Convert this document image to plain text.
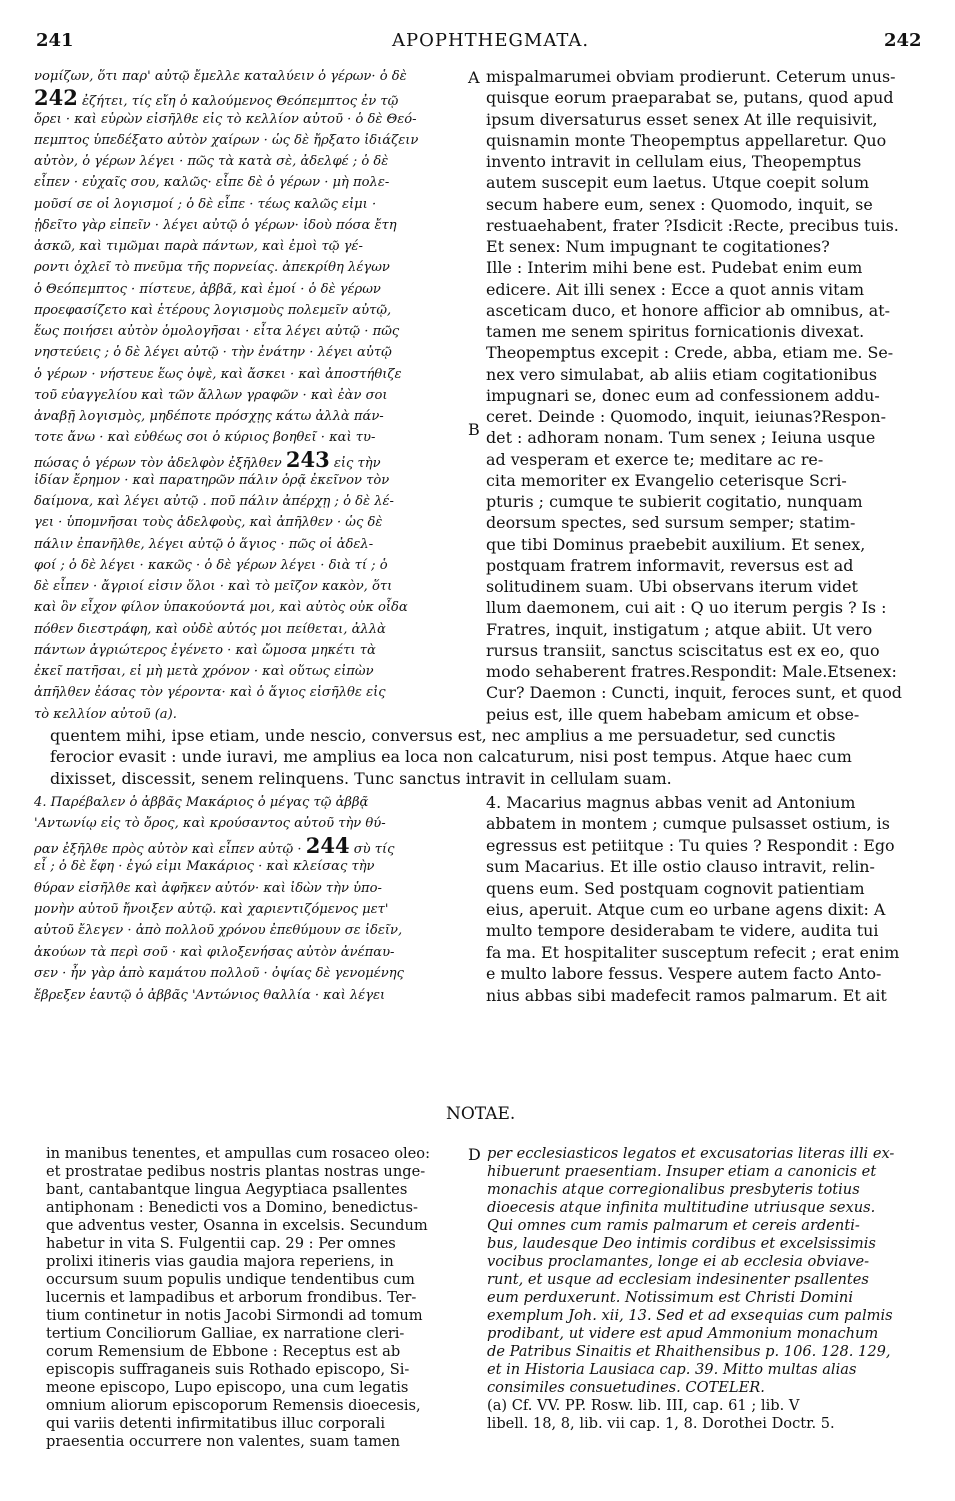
241	APOPHTHEGMATA.	242
A
B
D
νομίζων, ὅτι παρ' αὐτῷ ἔμελλε καταλύειν ὁ γέρων· ὁ δὲ
242 ἐζήτει, τίς εἴη ὁ καλούμενος Θεόπεμπτος ἐν τῷ
ὄρει · καὶ εὑρὼν εἰσῆλθε εἰς τὸ κελλίον αὐτοῦ · ὁ δὲ Θεό-
πεμπτος ὑπεδέξατο αὐτὸν χαίρων · ὡς δὲ ἤρξατο ἰδιάζειν
αὐτὸν, ὁ γέρων λέγει · πῶς τὰ κατὰ σὲ, ἀδελφέ ; ὁ δὲ
εἶπεν · εὐχαῖς σου, καλῶς· εἶπε δὲ ὁ γέρων · μὴ πολε-
μοῦσί σε οἱ λογισμοί ; ὁ δὲ εἶπε · τέως καλῶς εἰμι ·
ᾐδεῖτο γὰρ εἰπεῖν · λέγει αὐτῷ ὁ γέρων· ἰδοὺ πόσα ἔτη
ἀσκῶ, καὶ τιμῶμαι παρὰ πάντων, καὶ ἐμοὶ τῷ γέ-
ροντι ὀχλεῖ τὸ πνεῦμα τῆς πορνείας. ἀπεκρίθη λέγων
ὁ Θεόπεμπτος · πίστευε, ἀββᾶ, καὶ ἐμοί · ὁ δὲ γέρων
προεφασίζετο καὶ ἑτέρους λογισμοὺς πολεμεῖν αὐτῷ,
ἕως ποιήσει αὐτὸν ὁμολογῆσαι · εἶτα λέγει αὐτῷ · πῶς
νηστεύεις ; ὁ δὲ λέγει αὐτῷ · τὴν ἐνάτην · λέγει αὐτῷ
ὁ γέρων · νήστευε ἕως ὀψὲ, καὶ ἄσκει · καὶ ἀποστήθιζε
τοῦ εὐαγγελίου καὶ τῶν ἄλλων γραφῶν · καὶ ἐὰν σοι
ἀναβῇ λογισμὸς, μηδέποτε πρόσχῃς κάτω ἀλλὰ πάν-
τοτε ἄνω · καὶ εὐθέως σοι ὁ κύριος βοηθεῖ · καὶ τυ-
πώσας ὁ γέρων τὸν ἀδελφὸν ἐξῆλθεν 243 εἰς τὴν
ἰδίαν ἔρημον · καὶ παρατηρῶν πάλιν ὁρᾷ ἐκεῖνον τὸν
δαίμονα, καὶ λέγει αὐτῷ . ποῦ πάλιν ἀπέρχῃ ; ὁ δὲ λέ-
γει · ὑπομνῆσαι τοὺς ἀδελφοὺς, καὶ ἀπῆλθεν · ὡς δὲ
πάλιν ἐπανῆλθε, λέγει αὐτῷ ὁ ἅγιος · πῶς οἱ ἀδελ-
φοί ; ὁ δὲ λέγει · κακῶς · ὁ δὲ γέρων λέγει · διὰ τί ; ὁ
δὲ εἶπεν · ἄγριοί εἰσιν ὅλοι · καὶ τὸ μεῖζον κακὸν, ὅτι
καὶ ὃν εἶχον φίλον ὑπακούοντά μοι, καὶ αὐτὸς οὐκ οἶδα
πόθεν διεστράφη, καὶ οὐδὲ αὐτός μοι πείθεται, ἀλλὰ
πάντων ἀγριώτερος ἐγένετο · καὶ ὤμοσα μηκέτι τὰ
ἐκεῖ πατῆσαι, εἰ μὴ μετὰ χρόνον · καὶ οὕτως εἰπὼν
ἀπῆλθεν ἐάσας τὸν γέροντα· καὶ ὁ ἅγιος εἰσῆλθε εἰς
τὸ κελλίον αὐτοῦ (a).
mispalmarumei obviam prodierunt. Ceterum unus-
quisque eorum praeparabat se, putans, quod apud
ipsum diversaturus esset senex At ille requisivit,
quisnamin monte Theopemptus appellaretur. Quo
invento intravit in cellulam eius, Theopemptus
autem suscepit eum laetus. Utque coepit solum
secum habere eum, senex : Quomodo, inquit, se
restuaehabent, frater ?Isdicit :Recte, precibus tuis.
Et senex: Num impugnant te cogitationes?
Ille : Interim mihi bene est. Pudebat enim eum
edicere. Ait illi senex : Ecce a quot annis vitam
asceticam duco, et honore afficior ab omnibus, at-
tamen me senem spiritus fornicationis divexat.
Theopemptus excepit : Crede, abba, etiam me. Se-
nex vero simulabat, ab aliis etiam cogitationibus
impugnari se, donec eum ad confessionem addu-
ceret. Deinde : Quomodo, inquit, ieiunas?Respon-
det : adhoram nonam. Tum senex ; Ieiuna usque
ad vesperam et exerce te; meditare ac re-
cita memoriter ex Evangelio ceterisque Scri-
pturis ; cumque te subierit cogitatio, nunquam
deorsum spectes, sed sursum semper; statim-
que tibi Dominus praebebit auxilium. Et senex,
postquam fratrem informavit, reversus est ad
solitudinem suam. Ubi observans iterum videt
llum daemonem, cui ait : Q uo iterum pergis ? Is :
Fratres, inquit, instigatum ; atque abiit. Ut vero
rursus transiit, sanctus sciscitatus est ex eo, quo
modo sehaberent fratres.Respondit: Male.Etsenex:
Cur? Daemon : Cuncti, inquit, feroces sunt, et quod
peius est, ille quem habebam amicum et obse-
quentem mihi, ipse etiam, unde nescio, conversus est, nec amplius a me persuadetur, sed cunctis
ferocior evasit : unde iuravi, me amplius ea loca non calcaturum, nisi post tempus. Atque haec cum
dixisset, discessit, senem relinquens. Tunc sanctus intravit in cellulam suam.
4. Παρέβαλεν ὁ ἀββᾶς Μακάριος ὁ μέγας τῷ ἀββᾷ
'Αντωνίῳ εἰς τὸ ὄρος, καὶ κρούσαντος αὐτοῦ τὴν θύ-
ραν ἐξῆλθε πρὸς αὐτὸν καὶ εἶπεν αὐτῷ · 244 σὺ τίς
εἶ ; ὁ δὲ ἔφη · ἐγώ εἰμι Μακάριος · καὶ κλείσας τὴν
θύραν εἰσῆλθε καὶ ἀφῆκεν αὐτόν· καὶ ἰδὼν τὴν ὑπο-
μονὴν αὐτοῦ ἤνοιξεν αὐτῷ. καὶ χαριεντιζόμενος μετ'
αὐτοῦ ἔλεγεν · ἀπὸ πολλοῦ χρόνου ἐπεθύμουν σε ἰδεῖν,
ἀκούων τὰ περὶ σοῦ · καὶ φιλοξενήσας αὐτὸν ἀνέπαυ-
σεν · ἦν γὰρ ἀπὸ καμάτου πολλοῦ · ὀψίας δὲ γενομένης
ἔβρεξεν ἑαυτῷ ὁ ἀββᾶς 'Αντώνιος θαλλία · καὶ λέγει
4. Macarius magnus abbas venit ad Antonium
abbatem in montem ; cumque pulsasset ostium, is
egressus est petiitque : Tu quies ? Respondit : Ego
sum Macarius. Et ille ostio clauso intravit, relin-
quens eum. Sed postquam cognovit patientiam
eius, aperuit. Atque cum eo urbane agens dixit: A
multo tempore desiderabam te videre, audita tui
fa ma. Et hospitaliter susceptum refecit ; erat enim
e multo labore fessus. Vespere autem facto Anto-
nius abbas sibi madefecit ramos palmarum. Et ait
NOTAE.
in manibus tenentes, et ampullas cum rosaceo oleo:
et prostratae pedibus nostris plantas nostras unge-
bant, cantabantque lingua Aegyptiaca psallentes
antiphonam : Benedicti vos a Domino, benedictus-
que adventus vester, Osanna in excelsis. Secundum
habetur in vita S. Fulgentii cap. 29 : Per omnes
prolixi itineris vias gaudia majora reperiens, in
occursum suum populis undique tendentibus cum
lucernis et lampadibus et arborum frondibus. Ter-
tium continetur in notis Jacobi Sirmondi ad tomum
tertium Conciliorum Galliae, ex narratione cleri-
corum Remensium de Ebbone : Receptus est ab
episcopis suffraganeis suis Rothado episcopo, Si-
meone episcopo, Lupo episcopo, una cum legatis
omnium aliorum episcoporum Remensis dioecesis,
qui variis detenti infirmitatibus illuc corporali
praesentia occurrere non valentes, suam tamen
per ecclesiasticos legatos et excusatorias literas illi ex-
hibuerunt praesentiam. Insuper etiam a canonicis et
monachis atque corregionalibus presbyteris totius
dioecesis atque infinita multitudine utriusque sexus.
Qui omnes cum ramis palmarum et cereis ardenti-
bus, laudesque Deo intimis cordibus et excelsissimis
vocibus proclamantes, longe ei ab ecclesia obviave-
runt, et usque ad ecclesiam indesinenter psallentes
eum perduxerunt. Notissimum est Christi Domini
exemplum Joh. xii, 13. Sed et ad exsequias cum palmis
prodibant, ut videre est apud Ammonium monachum
de Patribus Sinaitis et Rhaithensibus p. 106. 128. 129,
et in Historia Lausiaca cap. 39. Mitto multas alias
consimiles consuetudines. COTELER.
(a) Cf. VV. PP. Rosw. lib. III, cap. 61 ; lib. V
libell. 18, 8, lib. vii cap. 1, 8. Dorothei Doctr. 5.
